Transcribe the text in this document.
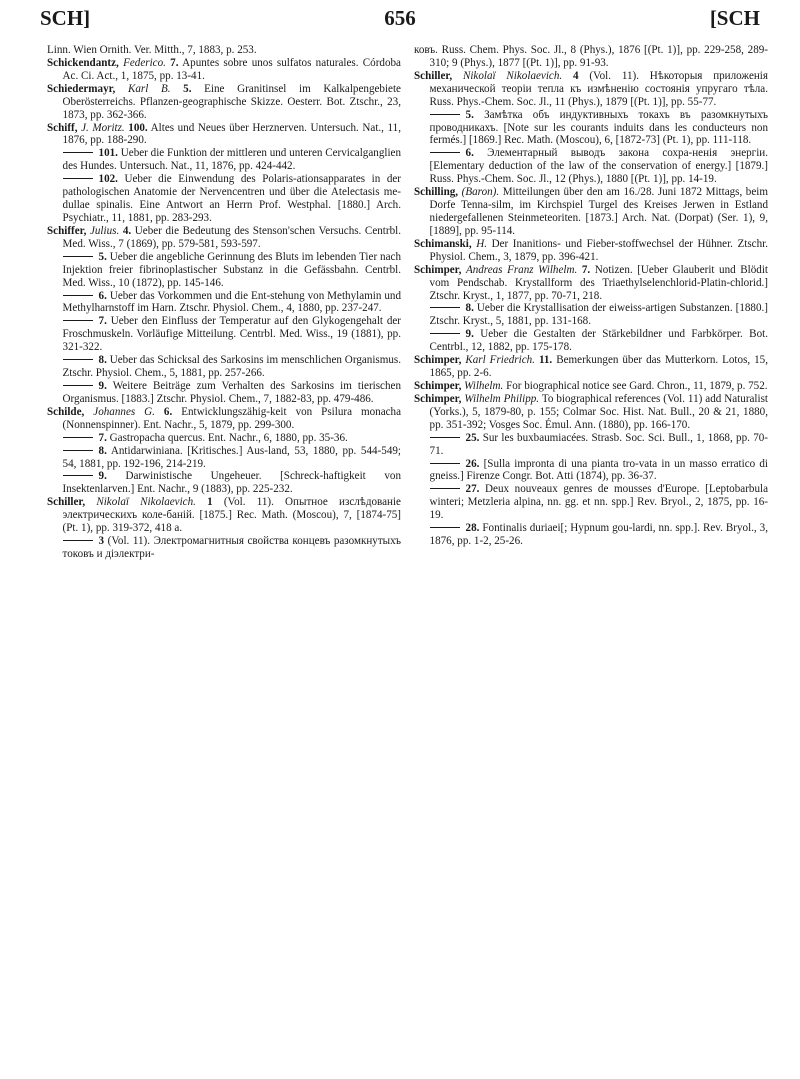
SCH]	656	[SCH

Linn. Wien Ornith. Ver. Mitth., 7, 1883, p. 253.

Schickendantz, Federico. 7. Apuntes sobre unos sulfatos naturales. Córdoba Ac. Ci. Act., 1, 1875, pp. 13-41.

Schiedermayr, Karl B. 5. Eine Granitinsel im Kalkalpengebiete Oberösterreichs. Pflanzen-geographische Skizze. Oesterr. Bot. Ztschr., 23, 1873, pp. 362-366.

Schiff, J. Moritz. 100. Altes und Neues über Herznerven. Untersuch. Nat., 11, 1876, pp. 188-290.

101. Ueber die Funktion der mittleren und unteren Cervicalganglien des Hundes. Untersuch. Nat., 11, 1876, pp. 424-442.

102. Ueber die Einwendung des Polaris-ationsapparates in der pathologischen Anatomie der Nervencentren und über die Atelectasis me-dullae spinalis. Eine Antwort an Herrn Prof. Westphal. [1880.] Arch. Psychiatr., 11, 1881, pp. 283-293.

Schiffer, Julius. 4. Ueber die Bedeutung des Stenson'schen Versuchs. Centrbl. Med. Wiss., 7 (1869), pp. 579-581, 593-597.

5. Ueber die angebliche Gerinnung des Bluts im lebenden Tier nach Injektion freier fibrinoplastischer Substanz in die Gefässbahn. Centrbl. Med. Wiss., 10 (1872), pp. 145-146.

6. Ueber das Vorkommen und die Ent-stehung von Methylamin und Methylharnstoff im Harn. Ztschr. Physiol. Chem., 4, 1880, pp. 237-247.

7. Ueber den Einfluss der Temperatur auf den Glykogengehalt der Froschmuskeln. Vorläufige Mitteilung. Centrbl. Med. Wiss., 19 (1881), pp. 321-322.

8. Ueber das Schicksal des Sarkosins im menschlichen Organismus. Ztschr. Physiol. Chem., 5, 1881, pp. 257-266.

9. Weitere Beiträge zum Verhalten des Sarkosins im tierischen Organismus. [1883.] Ztschr. Physiol. Chem., 7, 1882-83, pp. 479-486.

Schilde, Johannes G. 6. Entwicklungszähig-keit von Psilura monacha (Nonnenspinner). Ent. Nachr., 5, 1879, pp. 299-300.

7. Gastropacha quercus. Ent. Nachr., 6, 1880, pp. 35-36.

8. Antidarwiniana. [Kritisches.] Aus-land, 53, 1880, pp. 544-549; 54, 1881, pp. 192-196, 214-219.

9. Darwinistische Ungeheuer. [Schreck-haftigkeit von Insektenlarven.] Ent. Nachr., 9 (1883), pp. 225-232.

Schiller, Nikolaï Nikolaevich. 1 (Vol. 11). Опытное изслѣдованіе электрическихъ коле-баній. [1875.] Rec. Math. (Moscou), 7, [1874-75] (Pt. 1), pp. 319-372, 418 a.

3 (Vol. 11). Электромагнитныя свойства концевъ разомкнутыхъ токовъ и діэлектри-

ковъ. Russ. Chem. Phys. Soc. Jl., 8 (Phys.), 1876 [(Pt. 1)], pp. 229-258, 289-310; 9 (Phys.), 1877 [(Pt. 1)], pp. 91-93.

Schiller, Nikolaï Nikolaevich. 4 (Vol. 11). Нѣкоторыя приложенія механической теоріи тепла къ измѣненію состоянія упругаго тѣла. Russ. Phys.-Chem. Soc. Jl., 11 (Phys.), 1879 [(Pt. 1)], pp. 55-77.

5. Замѣтка объ индуктивныхъ токахъ въ разомкнутыхъ проводникахъ. [Note sur les courants induits dans les conducteurs non fermés.] [1869.] Rec. Math. (Moscou), 6, [1872-73] (Pt. 1), pp. 111-118.

6. Элементарный выводъ закона сохра-ненія энергіи. [Elementary deduction of the law of the conservation of energy.] [1879.] Russ. Phys.-Chem. Soc. Jl., 12 (Phys.), 1880 [(Pt. 1)], pp. 14-19.

Schilling, (Baron). Mitteilungen über den am 16./28. Juni 1872 Mittags, beim Dorfe Tenna-silm, im Kirchspiel Turgel des Kreises Jerwen in Estland niedergefallenen Steinmeteoriten. [1873.] Arch. Nat. (Dorpat) (Ser. 1), 9, [1889], pp. 95-114.

Schimanski, H. Der Inanitions- und Fieber-stoffwechsel der Hühner. Ztschr. Physiol. Chem., 3, 1879, pp. 396-421.

Schimper, Andreas Franz Wilhelm. 7. Notizen. [Ueber Glauberit und Blödit vom Pendschab. Krystallform des Triaethylselenchlorid-Platin-chlorid.] Ztschr. Kryst., 1, 1877, pp. 70-71, 218.

8. Ueber die Krystallisation der eiweiss-artigen Substanzen. [1880.] Ztschr. Kryst., 5, 1881, pp. 131-168.

9. Ueber die Gestalten der Stärkebildner und Farbkörper. Bot. Centrbl., 12, 1882, pp. 175-178.

Schimper, Karl Friedrich. 11. Bemerkungen über das Mutterkorn. Lotos, 15, 1865, pp. 2-6.

Schimper, Wilhelm. For biographical notice see Gard. Chron., 11, 1879, p. 752.

Schimper, Wilhelm Philipp. To biographical references (Vol. 11) add Naturalist (Yorks.), 5, 1879-80, p. 155; Colmar Soc. Hist. Nat. Bull., 20 & 21, 1880, pp. 351-392; Vosges Soc. Émul. Ann. (1880), pp. 166-170.

25. Sur les buxbaumiacées. Strasb. Soc. Sci. Bull., 1, 1868, pp. 70-71.

26. [Sulla impronta di una pianta tro-vata in un masso erratico di gneiss.] Firenze Congr. Bot. Atti (1874), pp. 36-37.

27. Deux nouveaux genres de mousses d'Europe. [Leptobarbula winteri; Metzleria alpina, nn. gg. et nn. spp.] Rev. Bryol., 2, 1875, pp. 16-19.

28. Fontinalis duriaei[; Hypnum gou-lardi, nn. spp.]. Rev. Bryol., 3, 1876, pp. 1-2, 25-26.
